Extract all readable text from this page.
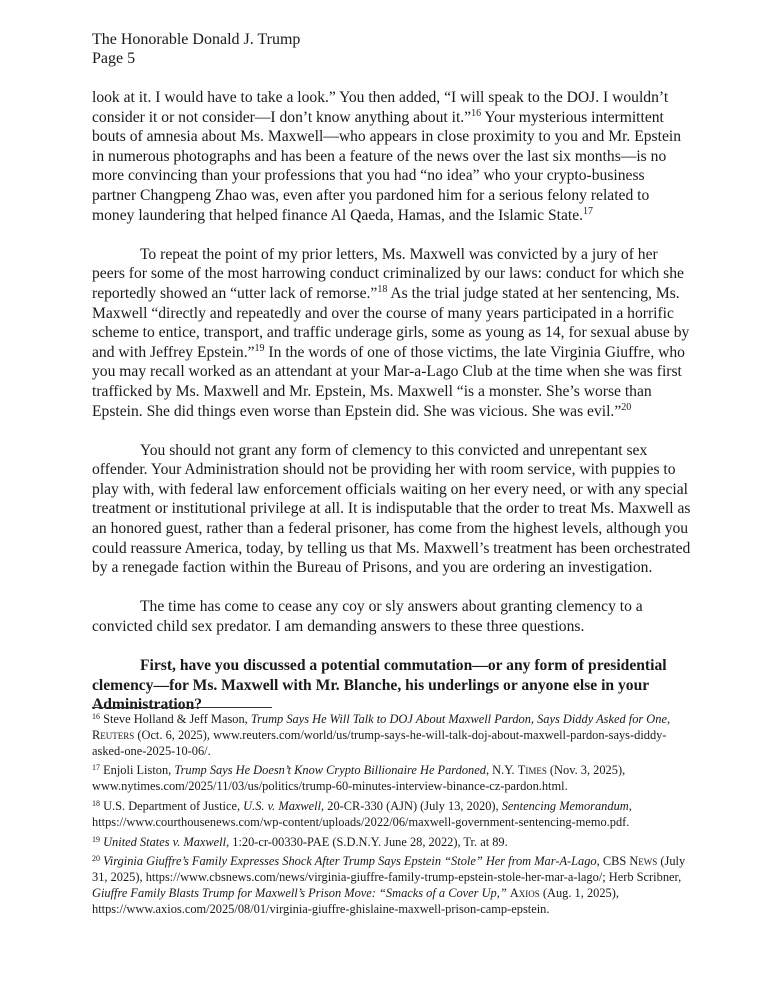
The Honorable Donald J. Trump
Page 5

look at it. I would have to take a look.” You then added, “I will speak to the DOJ. I wouldn’t consider it or not consider—I don’t know anything about it.”$^{16}$ Your mysterious intermittent bouts of amnesia about Ms. Maxwell—who appears in close proximity to you and Mr. Epstein in numerous photographs and has been a feature of the news over the last six months—is no more convincing than your professions that you had “no idea” who your crypto-business partner Changpeng Zhao was, even after you pardoned him for a serious felony related to money laundering that helped finance Al Qaeda, Hamas, and the Islamic State.$^{17}$

To repeat the point of my prior letters, Ms. Maxwell was convicted by a jury of her peers for some of the most harrowing conduct criminalized by our laws: conduct for which she reportedly showed an “utter lack of remorse.”$^{18}$ As the trial judge stated at her sentencing, Ms. Maxwell “directly and repeatedly and over the course of many years participated in a horrific scheme to entice, transport, and traffic underage girls, some as young as 14, for sexual abuse by and with Jeffrey Epstein.”$^{19}$ In the words of one of those victims, the late Virginia Giuffre, who you may recall worked as an attendant at your Mar-a-Lago Club at the time when she was first trafficked by Ms. Maxwell and Mr. Epstein, Ms. Maxwell “is a monster. She’s worse than Epstein. She did things even worse than Epstein did. She was vicious. She was evil.”$^{20}$

You should not grant any form of clemency to this convicted and unrepentant sex offender. Your Administration should not be providing her with room service, with puppies to play with, with federal law enforcement officials waiting on her every need, or with any special treatment or institutional privilege at all. It is indisputable that the order to treat Ms. Maxwell as an honored guest, rather than a federal prisoner, has come from the highest levels, although you could reassure America, today, by telling us that Ms. Maxwell’s treatment has been orchestrated by a renegade faction within the Bureau of Prisons, and you are ordering an investigation.

The time has come to cease any coy or sly answers about granting clemency to a convicted child sex predator. I am demanding answers to these three questions.

First, have you discussed a potential commutation—or any form of presidential clemency—for Ms. Maxwell with Mr. Blanche, his underlings or anyone else in your Administration?

$^{16}$ Steve Holland & Jeff Mason, Trump Says He Will Talk to DOJ About Maxwell Pardon, Says Diddy Asked for One, Reuters (Oct. 6, 2025), www.reuters.com/world/us/trump-says-he-will-talk-doj-about-maxwell-pardon-says-diddy-asked-one-2025-10-06/.

$^{17}$ Enjoli Liston, Trump Says He Doesn’t Know Crypto Billionaire He Pardoned, N.Y. Times (Nov. 3, 2025), www.nytimes.com/2025/11/03/us/politics/trump-60-minutes-interview-binance-cz-pardon.html.

$^{18}$ U.S. Department of Justice, U.S. v. Maxwell, 20-CR-330 (AJN) (July 13, 2020), Sentencing Memorandum, https://www.courthousenews.com/wp-content/uploads/2022/06/maxwell-government-sentencing-memo.pdf.

$^{19}$ United States v. Maxwell, 1:20-cr-00330-PAE (S.D.N.Y. June 28, 2022), Tr. at 89.

$^{20}$ Virginia Giuffre’s Family Expresses Shock After Trump Says Epstein “Stole” Her from Mar-A-Lago, CBS News (July 31, 2025), https://www.cbsnews.com/news/virginia-giuffre-family-trump-epstein-stole-her-mar-a-lago/; Herb Scribner, Giuffre Family Blasts Trump for Maxwell’s Prison Move: “Smacks of a Cover Up,” Axios (Aug. 1, 2025), https://www.axios.com/2025/08/01/virginia-giuffre-ghislaine-maxwell-prison-camp-epstein.
